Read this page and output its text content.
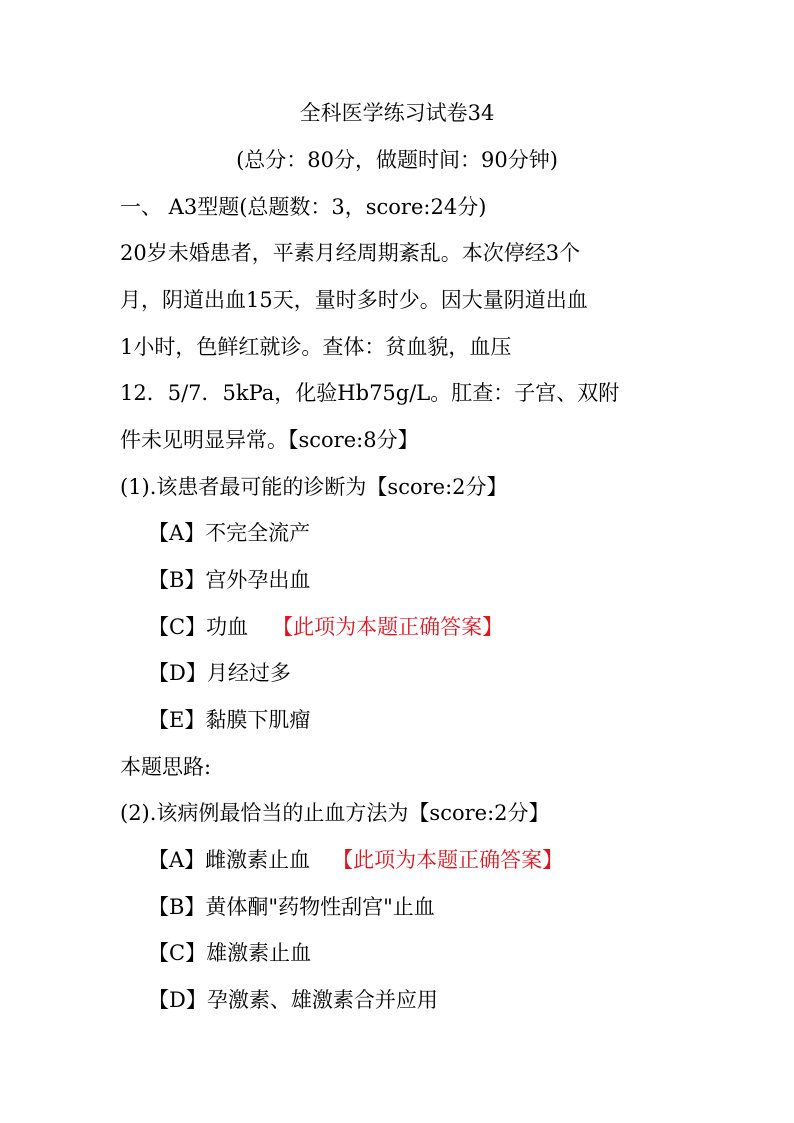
全科医学练习试卷34
(总分：80分，做题时间：90分钟)
一、 A3型题(总题数：3，score:24分)
20岁未婚患者，平素月经周期紊乱。本次停经3个
月，阴道出血15天，量时多时少。因大量阴道出血
1小时，色鲜红就诊。查体：贫血貌，血压
12．5/7．5kPa，化验Hb75g/L。肛查：子宫、双附
件未见明显异常。【score:8分】
(1).该患者最可能的诊断为【score:2分】
【A】不完全流产
【B】宫外孕出血
【C】功血 【此项为本题正确答案】
【D】月经过多
【E】黏膜下肌瘤
本题思路:
(2).该病例最恰当的止血方法为【score:2分】
【A】雌激素止血 【此项为本题正确答案】
【B】黄体酮"药物性刮宫"止血
【C】雄激素止血
【D】孕激素、雄激素合并应用
